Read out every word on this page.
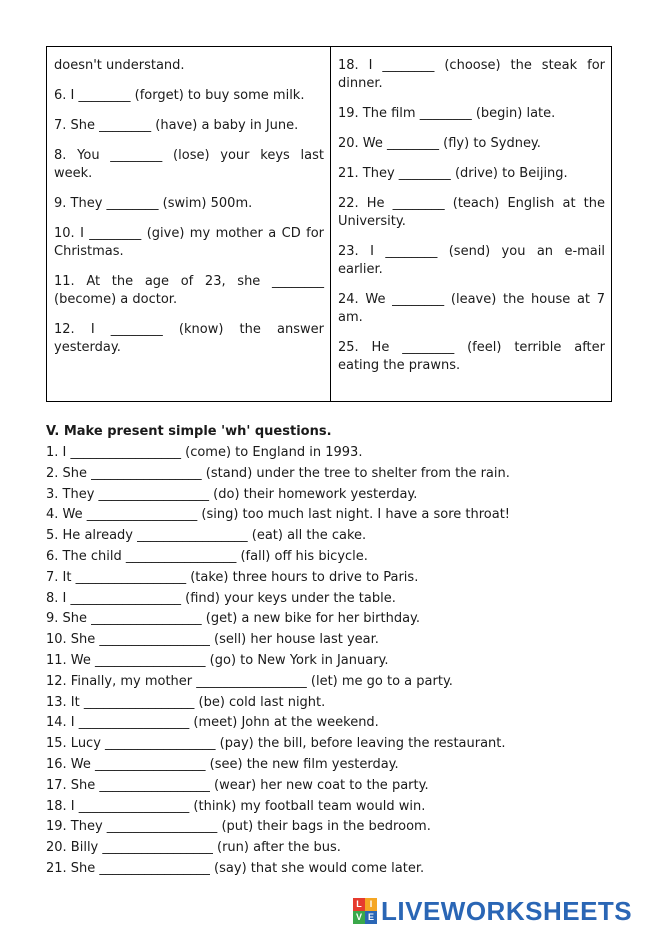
doesn't understand.

6. I ________ (forget) to buy some milk.

7. She ________ (have) a baby in June.

8. You ________ (lose) your keys last week.

9. They ________ (swim) 500m.

10. I ________ (give) my mother a CD for Christmas.

11. At the age of 23, she ________ (become) a doctor.

12. I ________ (know) the answer yesterday.

18. I ________ (choose) the steak for dinner.

19. The film ________ (begin) late.

20. We ________ (fly) to Sydney.

21. They ________ (drive) to Beijing.

22. He ________ (teach) English at the University.

23. I ________ (send) you an e-mail earlier.

24. We ________ (leave) the house at 7 am.

25. He ________ (feel) terrible after eating the prawns.

V. Make present simple 'wh' questions.
1. I _________________ (come) to England in 1993.
2. She _________________ (stand) under the tree to shelter from the rain.
3. They _________________ (do) their homework yesterday.
4. We _________________ (sing) too much last night. I have a sore throat!
5. He already _________________ (eat) all the cake.
6. The child _________________ (fall) off his bicycle.
7. It _________________ (take) three hours to drive to Paris.
8. I _________________ (find) your keys under the table.
9. She _________________ (get) a new bike for her birthday.
10. She _________________ (sell) her house last year.
11. We _________________ (go) to New York in January.
12. Finally, my mother _________________ (let) me go to a party.
13. It _________________ (be) cold last night.
14. I _________________ (meet) John at the weekend.
15. Lucy _________________ (pay) the bill, before leaving the restaurant.
16. We _________________ (see) the new film yesterday.
17. She _________________ (wear) her new coat to the party.
18. I _________________ (think) my football team would win.
19. They _________________ (put) their bags in the bedroom.
20. Billy _________________ (run) after the bus.
21. She _________________ (say) that she would come later.
L I
V E LIVEWORKSHEETS
